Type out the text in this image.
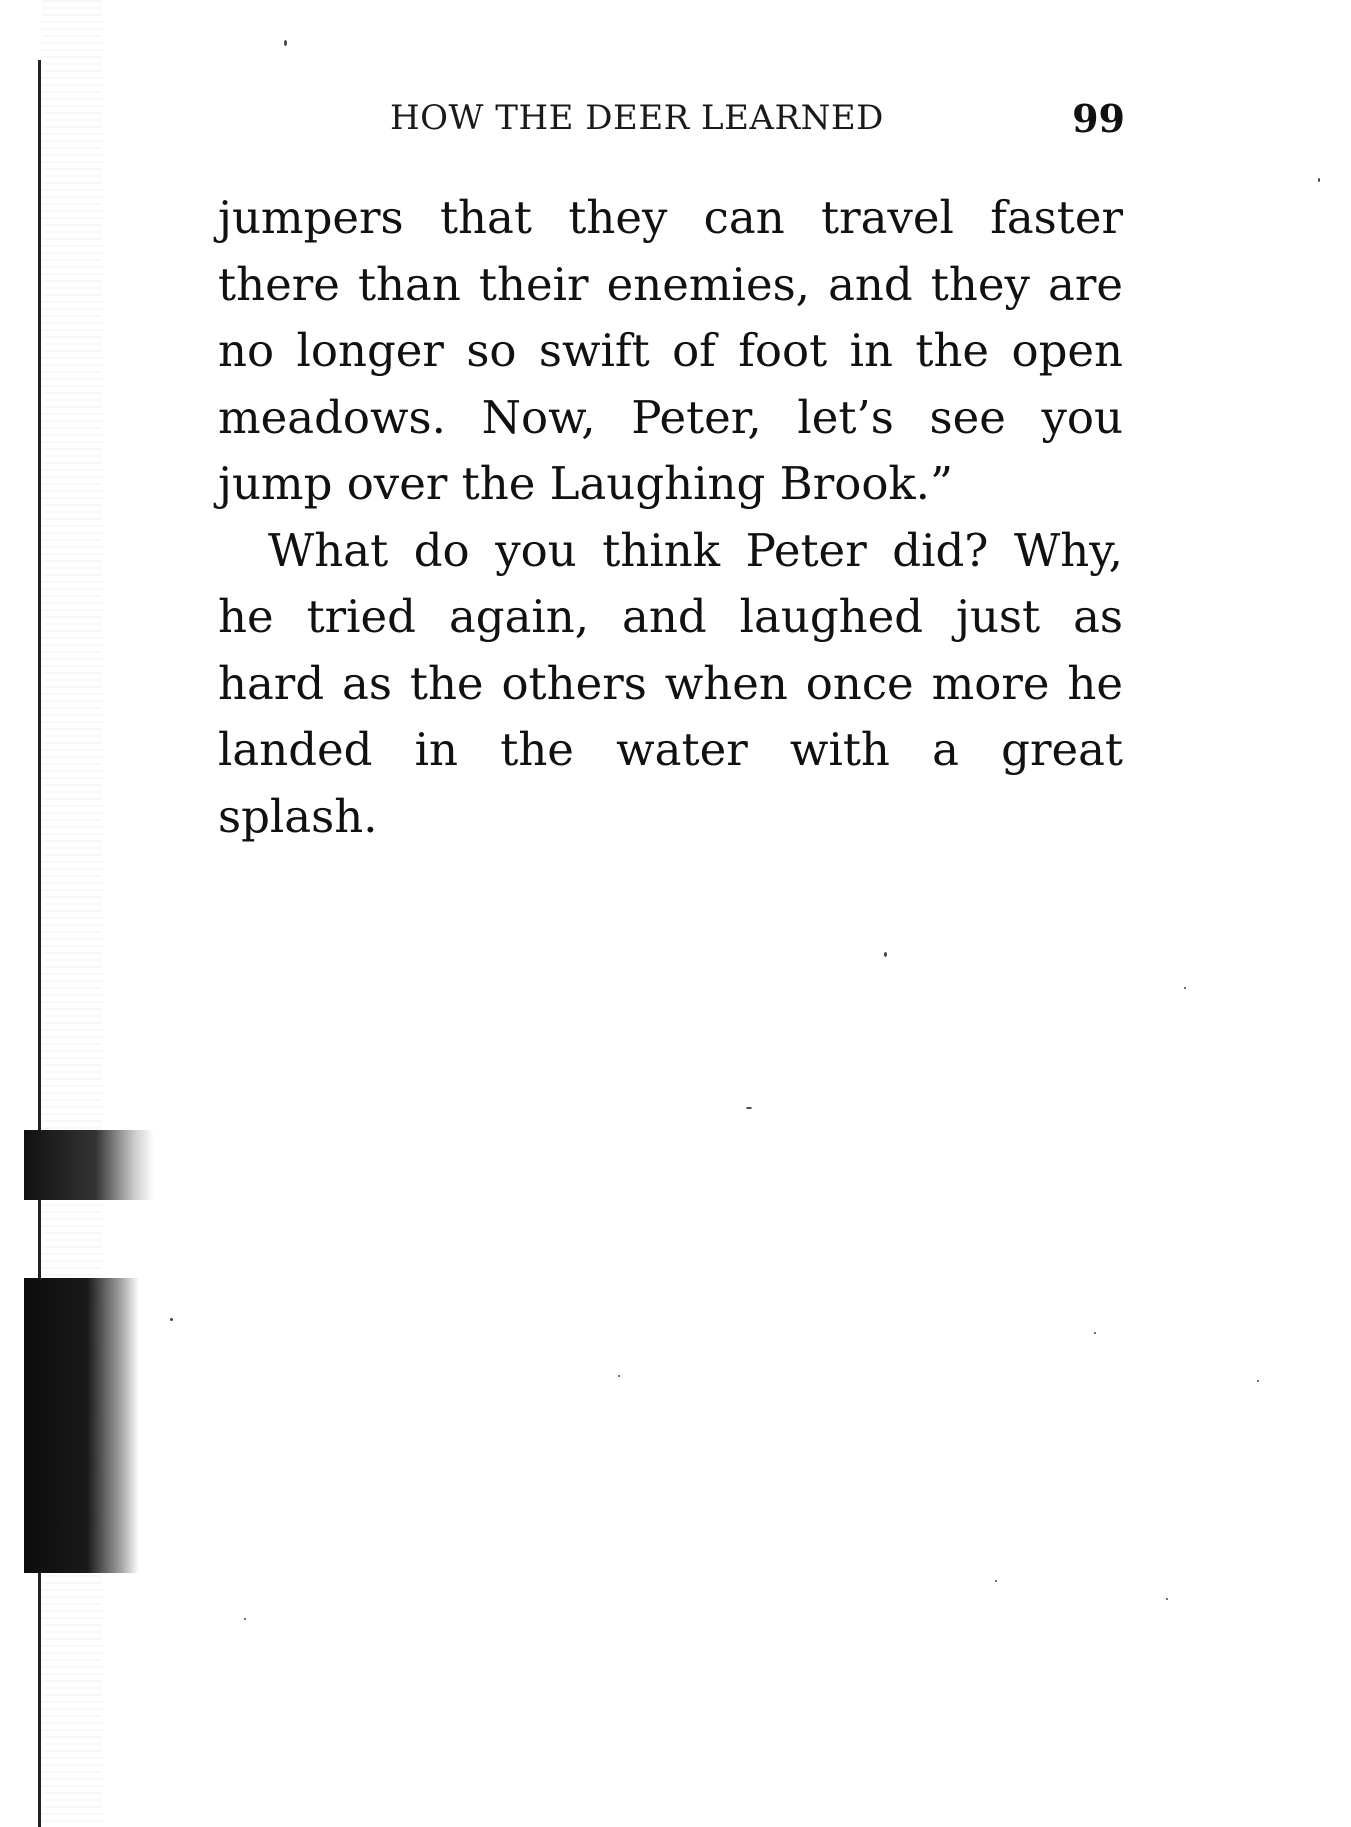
HOW THE DEER LEARNED	99

jumpers that they can travel faster there than their enemies, and they are no longer so swift of foot in the open meadows. Now, Peter, let’s see you jump over the Laughing Brook.”

What do you think Peter did? Why, he tried again, and laughed just as hard as the others when once more he landed in the water with a great splash.
